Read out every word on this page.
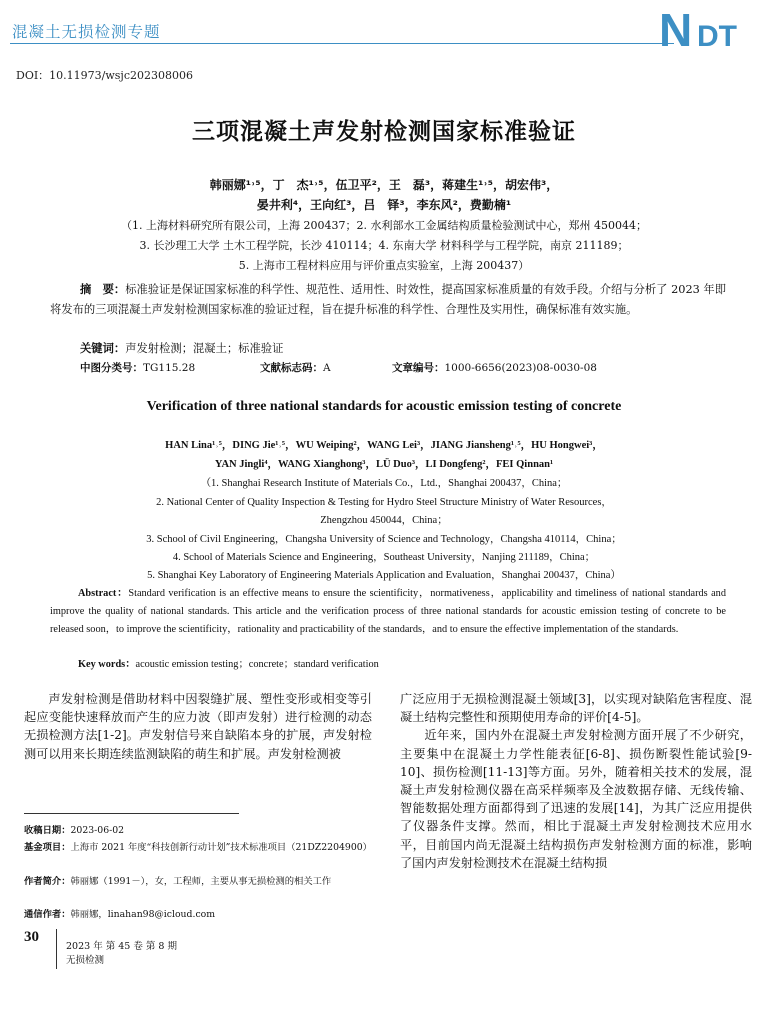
混凝土无损检测专题	N DT
DOI：10.11973/wsjc202308006
三项混凝土声发射检测国家标准验证
韩丽娜¹˒⁵，丁　杰¹˒⁵，伍卫平²，王　磊³，蒋建生¹˒⁵，胡宏伟³，
晏井利⁴，王向红³，吕　铎³，李东风²，费勤楠¹
（1. 上海材料研究所有限公司，上海 200437；2. 水利部水工金属结构质量检验测试中心，郑州 450044；
3. 长沙理工大学 土木工程学院，长沙 410114；4. 东南大学 材料科学与工程学院，南京 211189；
5. 上海市工程材料应用与评价重点实验室，上海 200437）
摘　要：标准验证是保证国家标准的科学性、规范性、适用性、时效性，提高国家标准质量的有效手段。介绍与分析了 2023 年即将发布的三项混凝土声发射检测国家标准的验证过程，旨在提升标准的科学性、合理性及实用性，确保标准有效实施。
关键词：声发射检测；混凝土；标准验证
中图分类号：TG115.28	文献标志码：A	文章编号：1000-6656(2023)08-0030-08
Verification of three national standards for acoustic emission testing of concrete
HAN Lina¹˒⁵，DING Jie¹˒⁵，WU Weiping²，WANG Lei³，JIANG Jiansheng¹˒⁵，HU Hongwei³，
YAN Jingli⁴，WANG Xianghong³，LÜ Duo³，LI Dongfeng²，FEI Qinnan¹
（1. Shanghai Research Institute of Materials Co.，Ltd.，Shanghai 200437，China；
2. National Center of Quality Inspection & Testing for Hydro Steel Structure Ministry of Water Resources，
Zhengzhou 450044，China；
3. School of Civil Engineering，Changsha University of Science and Technology，Changsha 410114，China；
4. School of Materials Science and Engineering，Southeast University，Nanjing 211189，China；
5. Shanghai Key Laboratory of Engineering Materials Application and Evaluation，Shanghai 200437，China）
Abstract：Standard verification is an effective means to ensure the scientificity，normativeness，applicability and timeliness of national standards and improve the quality of national standards. This article and the verification process of three national standards for acoustic emission testing of concrete to be released soon，to improve the scientificity，rationality and practicability of the standards，and to ensure the effective implementation of the standards.
Key words：acoustic emission testing；concrete；standard verification

声发射检测是借助材料中因裂缝扩展、塑性变形或相变等引起应变能快速释放而产生的应力波（即声发射）进行检测的动态无损检测方法[1-2]。声发射信号来自缺陷本身的扩展，声发射检测可以用来长期连续监测缺陷的萌生和扩展。声发射检测被

广泛应用于无损检测混凝土领域[3]，以实现对缺陷危害程度、混凝土结构完整性和预期使用寿命的评价[4-5]。

近年来，国内外在混凝土声发射检测方面开展了不少研究，主要集中在混凝土力学性能表征[6-8]、损伤断裂性能试验[9-10]、损伤检测[11-13]等方面。另外，随着相关技术的发展，混凝土声发射检测仪器在高采样频率及全波数据存储、无线传输、智能数据处理方面都得到了迅速的发展[14]，为其广泛应用提供了仪器条件支撑。然而，相比于混凝土声发射检测技术应用水平，目前国内尚无混凝土结构损伤声发射检测方面的标准，影响了国内声发射检测技术在混凝土结构损

收稿日期：2023-06-02
基金项目：上海市 2021 年度“科技创新行动计划”技术标准项目（21DZ2204900）
作者简介：韩丽娜（1991－），女，工程师，主要从事无损检测的相关工作
通信作者：韩丽娜，linahan98@icloud.com
30
2023 年 第 45 卷 第 8 期
无损检测
